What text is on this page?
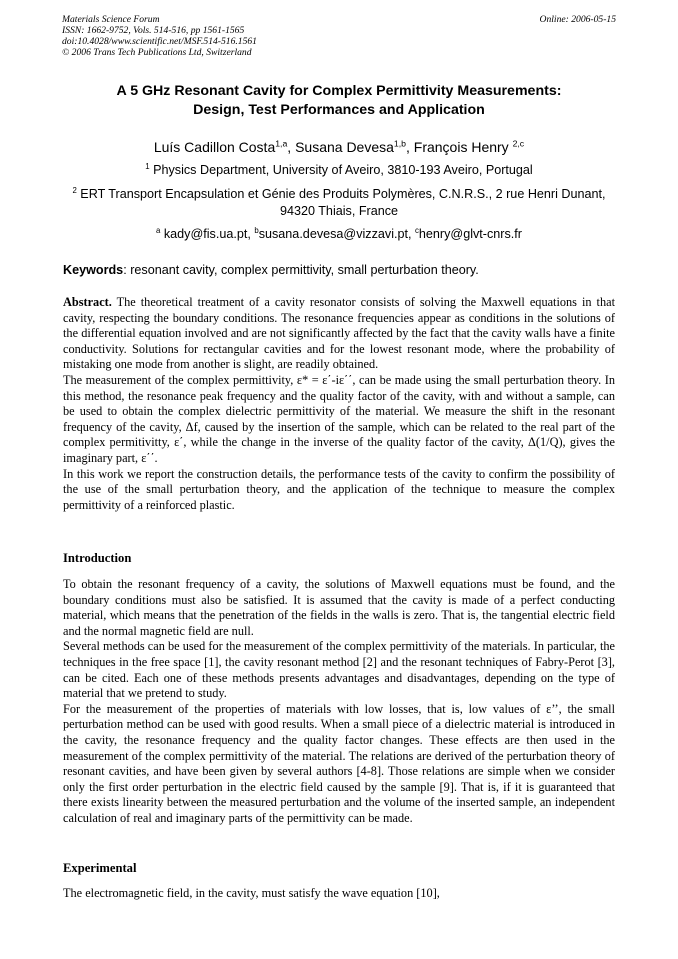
Materials Science Forum
ISSN: 1662-9752, Vols. 514-516, pp 1561-1565
doi:10.4028/www.scientific.net/MSF.514-516.1561
© 2006 Trans Tech Publications Ltd, Switzerland
Online: 2006-05-15
A 5 GHz Resonant Cavity for Complex Permittivity Measurements:
Design, Test Performances and Application
Luís Cadillon Costa$^{1,a}$, Susana Devesa$^{1,b}$, François Henry $^{2,c}$
$^1$ Physics Department, University of Aveiro, 3810-193 Aveiro, Portugal
$^2$ ERT Transport Encapsulation et Génie des Produits Polymères, C.N.R.S., 2 rue Henri Dunant, 94320 Thiais, France
$^a$ kady@fis.ua.pt, $^b$susana.devesa@vizzavi.pt, $^c$henry@glvt-cnrs.fr
Keywords: resonant cavity, complex permittivity, small perturbation theory.

Abstract. The theoretical treatment of a cavity resonator consists of solving the Maxwell equations in that cavity, respecting the boundary conditions. The resonance frequencies appear as conditions in the solutions of the differential equation involved and are not significantly affected by the fact that the cavity walls have a finite conductivity. Solutions for rectangular cavities and for the lowest resonant mode, where the probability of mistaking one mode from another is slight, are readily obtained.

The measurement of the complex permittivity, ε* = ε΄-iε΄΄, can be made using the small perturbation theory. In this method, the resonance peak frequency and the quality factor of the cavity, with and without a sample, can be used to obtain the complex dielectric permittivity of the material. We measure the shift in the resonant frequency of the cavity, Δf, caused by the insertion of the sample, which can be related to the real part of the complex permitivitty, ε΄, while the change in the inverse of the quality factor of the cavity, Δ(1/Q), gives the imaginary part, ε΄΄.

In this work we report the construction details, the performance tests of the cavity to confirm the possibility of the use of the small perturbation theory, and the application of the technique to measure the complex permittivity of a reinforced plastic.

Introduction

To obtain the resonant frequency of a cavity, the solutions of Maxwell equations must be found, and the boundary conditions must also be satisfied. It is assumed that the cavity is made of a perfect conducting material, which means that the penetration of the fields in the walls is zero. That is, the tangential electric field and the normal magnetic field are null.

Several methods can be used for the measurement of the complex permittivity of the materials. In particular, the techniques in the free space [1], the cavity resonant method [2] and the resonant techniques of Fabry-Perot [3], can be cited. Each one of these methods presents advantages and disadvantages, depending on the type of material that we pretend to study.

For the measurement of the properties of materials with low losses, that is, low values of ε’’, the small perturbation method can be used with good results. When a small piece of a dielectric material is introduced in the cavity, the resonance frequency and the quality factor changes. These effects are then used in the measurement of the complex permittivity of the material. The relations are derived of the perturbation theory of resonant cavities, and have been given by several authors [4-8]. Those relations are simple when we consider only the first order perturbation in the electric field caused by the sample [9]. That is, if it is guaranteed that there exists linearity between the measured perturbation and the volume of the inserted sample, an independent calculation of real and imaginary parts of the permittivity can be made.

Experimental

The electromagnetic field, in the cavity, must satisfy the wave equation [10],
